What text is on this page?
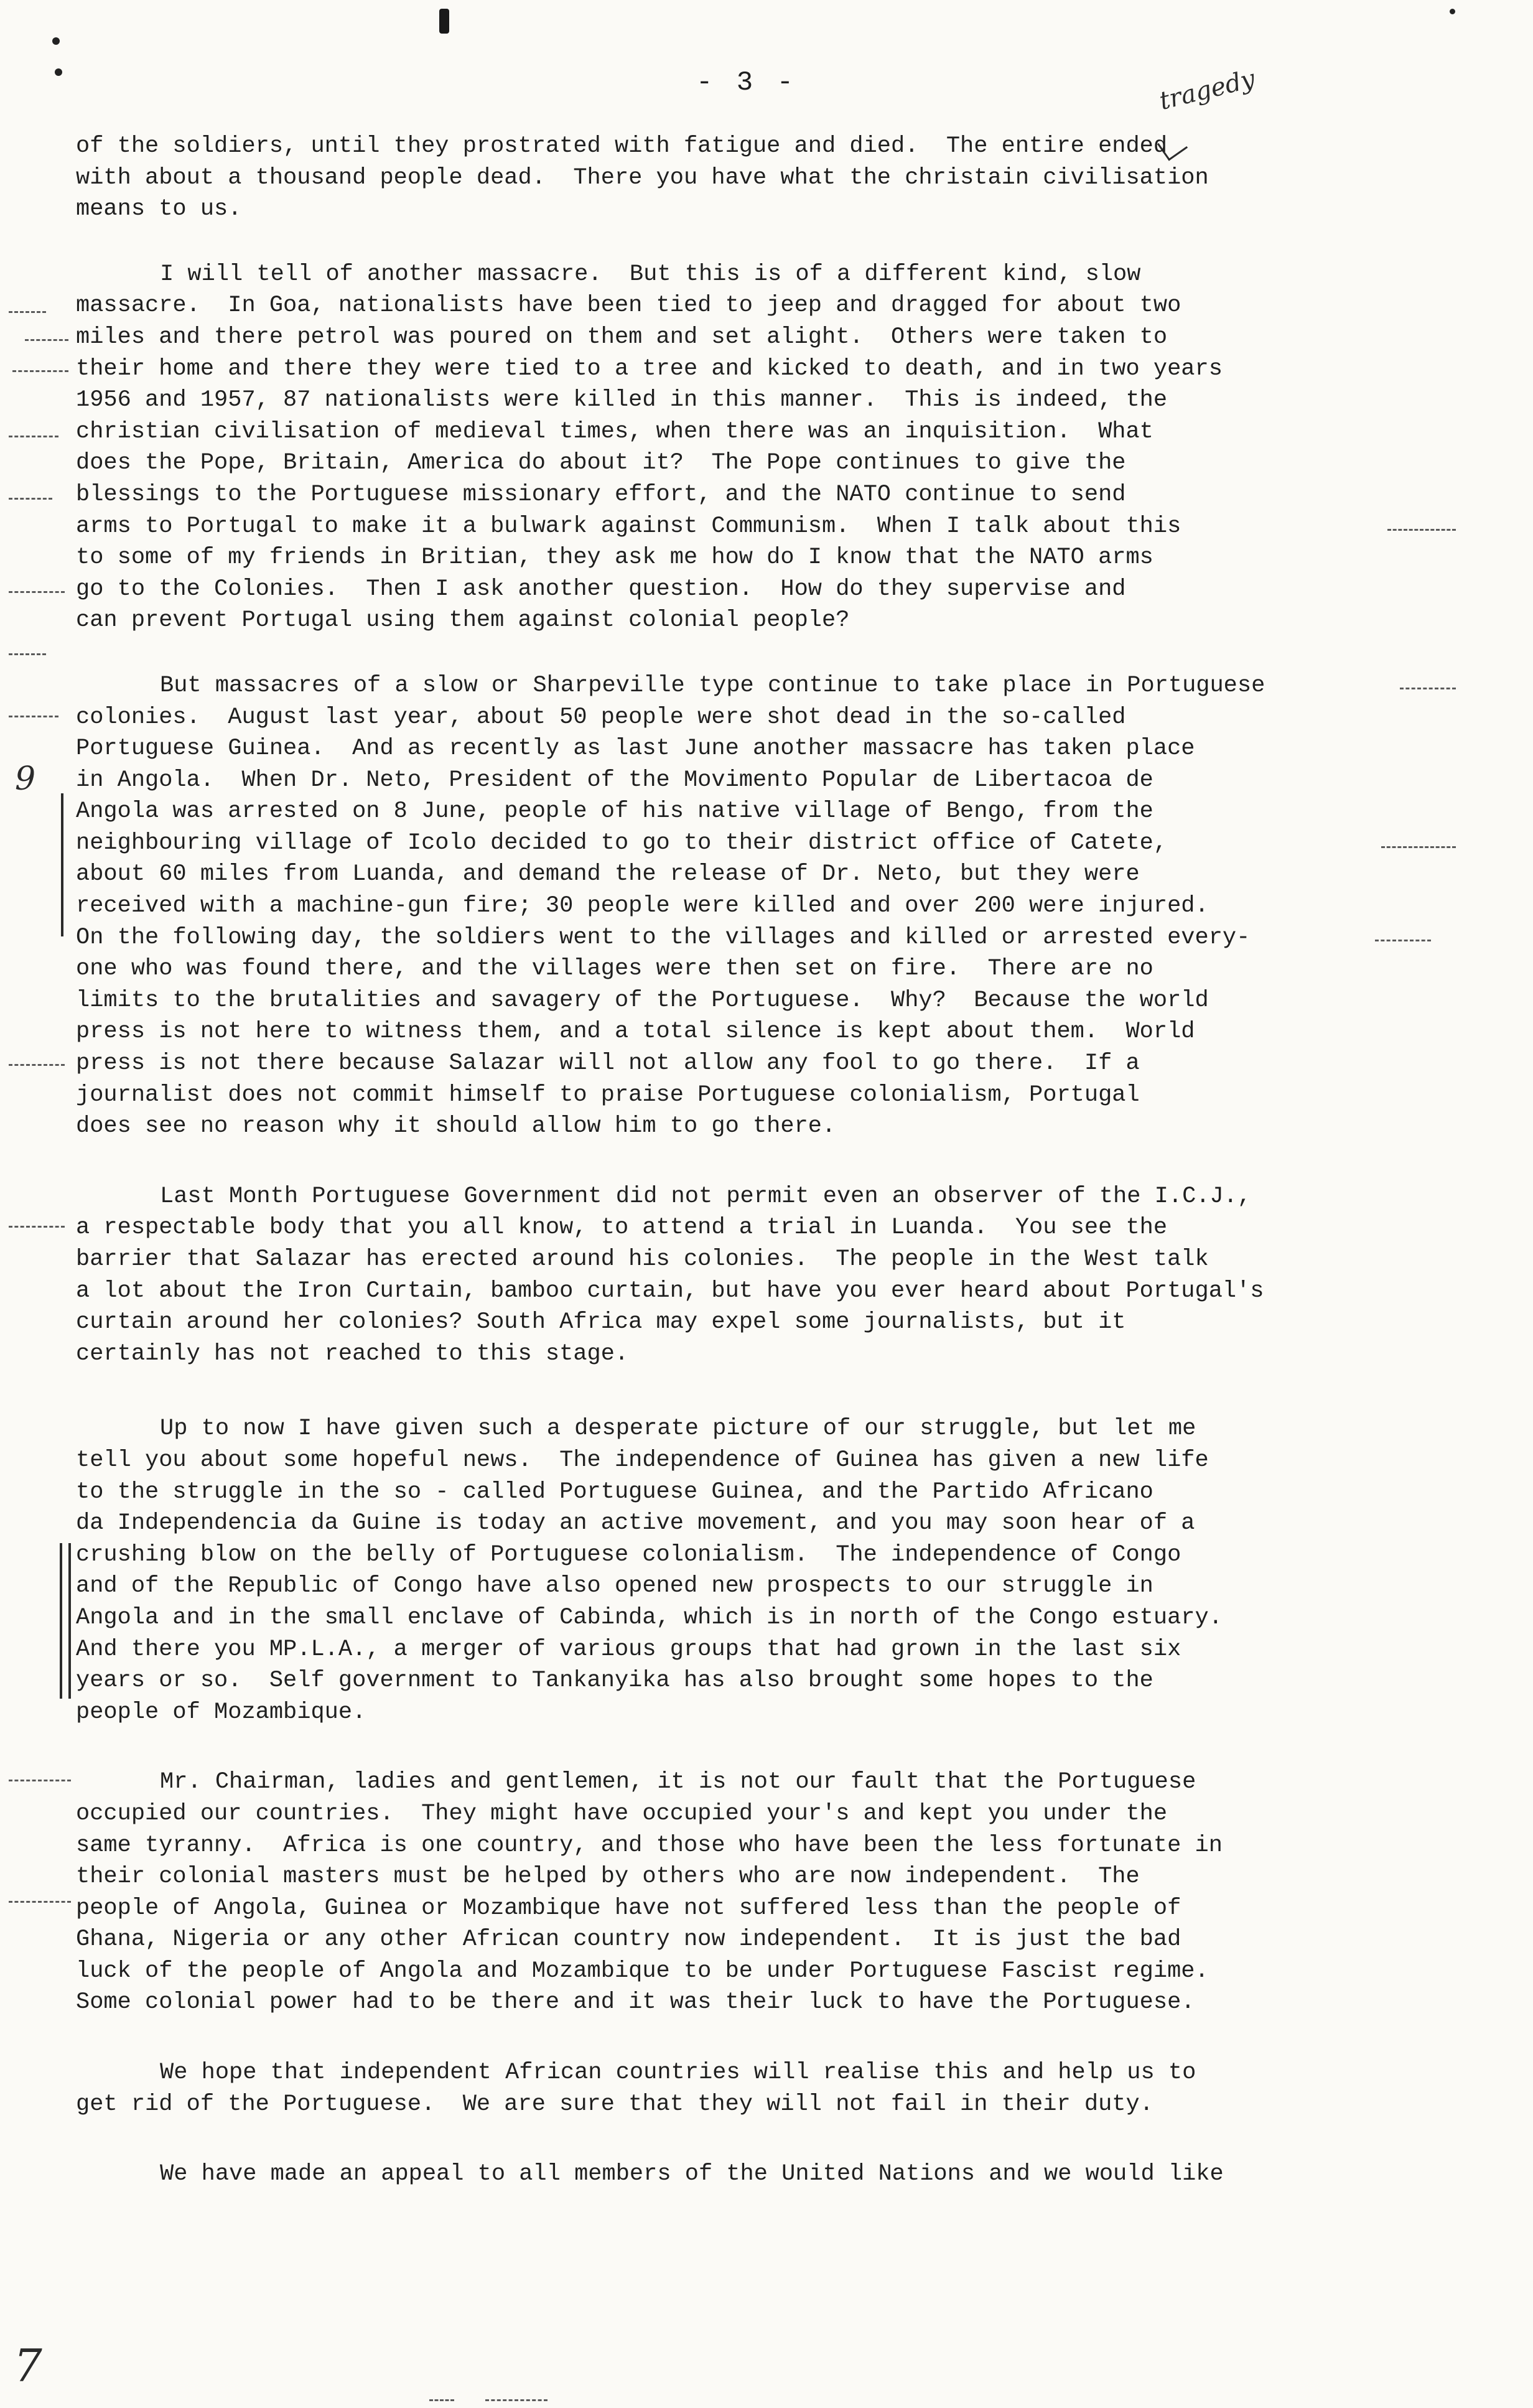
- 3 -	tragedy
9
7

of the soldiers, until they prostrated with fatigue and died.  The entire ended
with about a thousand people dead.  There you have what the christain civilisation
means to us.

I will tell of another massacre.  But this is of a different kind, slow
massacre.  In Goa, nationalists have been tied to jeep and dragged for about two
miles and there petrol was poured on them and set alight.  Others were taken to
their home and there they were tied to a tree and kicked to death, and in two years
1956 and 1957, 87 nationalists were killed in this manner.  This is indeed, the
christian civilisation of medieval times, when there was an inquisition.  What
does the Pope, Britain, America do about it?  The Pope continues to give the
blessings to the Portuguese missionary effort, and the NATO continue to send
arms to Portugal to make it a bulwark against Communism.  When I talk about this
to some of my friends in Britian, they ask me how do I know that the NATO arms
go to the Colonies.  Then I ask another question.  How do they supervise and
can prevent Portugal using them against colonial people?

But massacres of a slow or Sharpeville type continue to take place in Portuguese
colonies.  August last year, about 50 people were shot dead in the so-called
Portuguese Guinea.  And as recently as last June another massacre has taken place
in Angola.  When Dr. Neto, President of the Movimento Popular de Libertacoa de
Angola was arrested on 8 June, people of his native village of Bengo, from the
neighbouring village of Icolo decided to go to their district office of Catete,
about 60 miles from Luanda, and demand the release of Dr. Neto, but they were
received with a machine-gun fire; 30 people were killed and over 200 were injured.
On the following day, the soldiers went to the villages and killed or arrested every-
one who was found there, and the villages were then set on fire.  There are no
limits to the brutalities and savagery of the Portuguese.  Why?  Because the world
press is not here to witness them, and a total silence is kept about them.  World
press is not there because Salazar will not allow any fool to go there.  If a
journalist does not commit himself to praise Portuguese colonialism, Portugal
does see no reason why it should allow him to go there.

Last Month Portuguese Government did not permit even an observer of the I.C.J.,
a respectable body that you all know, to attend a trial in Luanda.  You see the
barrier that Salazar has erected around his colonies.  The people in the West talk
a lot about the Iron Curtain, bamboo curtain, but have you ever heard about Portugal's
curtain around her colonies? South Africa may expel some journalists, but it
certainly has not reached to this stage.

Up to now I have given such a desperate picture of our struggle, but let me
tell you about some hopeful news.  The independence of Guinea has given a new life
to the struggle in the so - called Portuguese Guinea, and the Partido Africano
da Independencia da Guine is today an active movement, and you may soon hear of a
crushing blow on the belly of Portuguese colonialism.  The independence of Congo
and of the Republic of Congo have also opened new prospects to our struggle in
Angola and in the small enclave of Cabinda, which is in north of the Congo estuary.
And there you MP.L.A., a merger of various groups that had grown in the last six
years or so.  Self government to Tankanyika has also brought some hopes to the
people of Mozambique.

Mr. Chairman, ladies and gentlemen, it is not our fault that the Portuguese
occupied our countries.  They might have occupied your's and kept you under the
same tyranny.  Africa is one country, and those who have been the less fortunate in
their colonial masters must be helped by others who are now independent.  The
people of Angola, Guinea or Mozambique have not suffered less than the people of
Ghana, Nigeria or any other African country now independent.  It is just the bad
luck of the people of Angola and Mozambique to be under Portuguese Fascist regime.
Some colonial power had to be there and it was their luck to have the Portuguese.

We hope that independent African countries will realise this and help us to
get rid of the Portuguese.  We are sure that they will not fail in their duty.

We have made an appeal to all members of the United Nations and we would like
